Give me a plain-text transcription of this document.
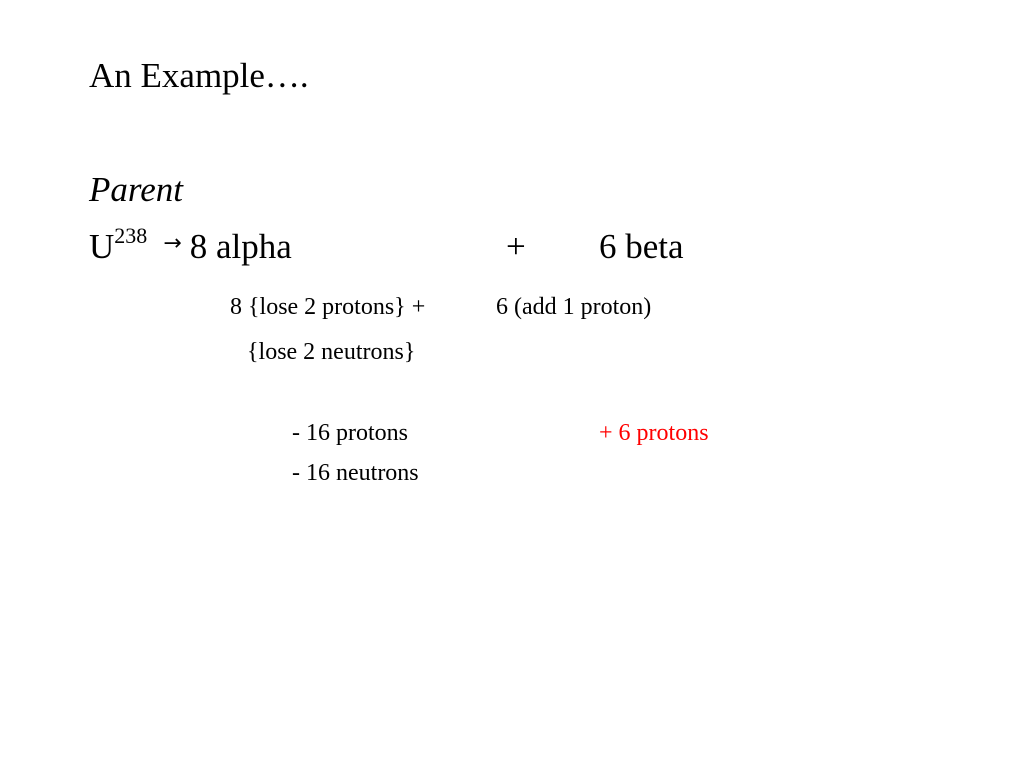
An Example….
Parent
$U^{238}$ → 8 alpha	+ 6 beta
8 {lose 2 protons} +	6 (add 1 proton)
{lose 2 neutrons}
- 16 protons	+ 6 protons
- 16 neutrons
